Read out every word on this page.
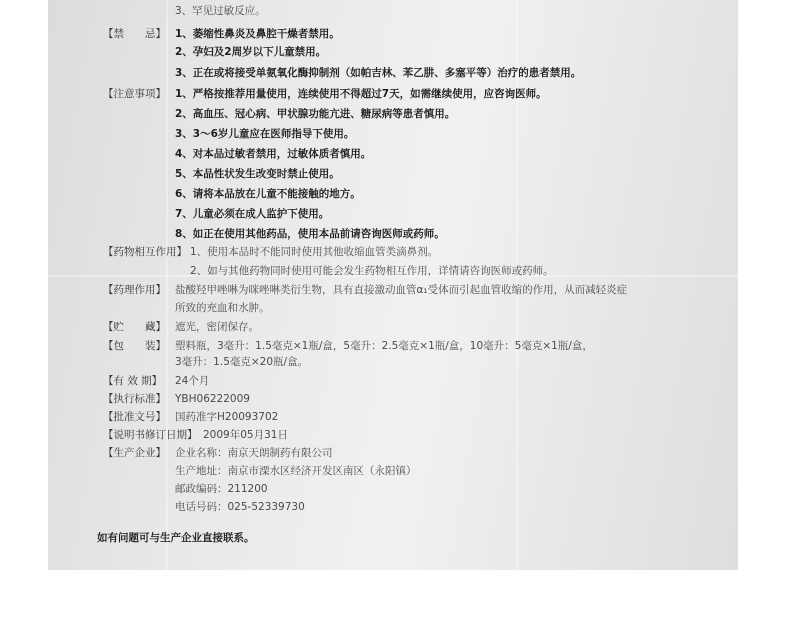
3、罕见过敏反应。
【禁　　忌】 1、萎缩性鼻炎及鼻腔干燥者禁用。
2、孕妇及2周岁以下儿童禁用。
3、正在或将接受单氨氧化酶抑制剂（如帕吉林、苯乙肼、多塞平等）治疗的患者禁用。
【注意事项】 1、严格按推荐用量使用，连续使用不得超过7天，如需继续使用，应咨询医师。
2、高血压、冠心病、甲状腺功能亢进、糖尿病等患者慎用。
3、3～6岁儿童应在医师指导下使用。
4、对本品过敏者禁用，过敏体质者慎用。
5、本品性状发生改变时禁止使用。
6、请将本品放在儿童不能接触的地方。
7、儿童必须在成人监护下使用。
8、如正在使用其他药品，使用本品前请咨询医师或药师。
【药物相互作用】 1、使用本品时不能同时使用其他收缩血管类滴鼻剂。
2、如与其他药物同时使用可能会发生药物相互作用，详情请咨询医师或药师。
【药理作用】 盐酸羟甲唑啉为咪唑啉类衍生物，具有直接激动血管α₁受体而引起血管收缩的作用，从而减轻炎症
所致的充血和水肿。
【贮　　藏】 遮光，密闭保存。
【包　　装】 塑料瓶，3毫升：1.5毫克×1瓶/盒，5毫升：2.5毫克×1瓶/盒，10毫升：5毫克×1瓶/盒，
3毫升：1.5毫克×20瓶/盒。
【有 效 期】 24个月
【执行标准】 YBH06222009
【批准文号】 国药准字H20093702
【说明书修订日期】 2009年05月31日
【生产企业】 企业名称：南京天朗制药有限公司
生产地址：南京市溧水区经济开发区南区（永阳镇）
邮政编码：211200
电话号码：025-52339730
如有问题可与生产企业直接联系。
